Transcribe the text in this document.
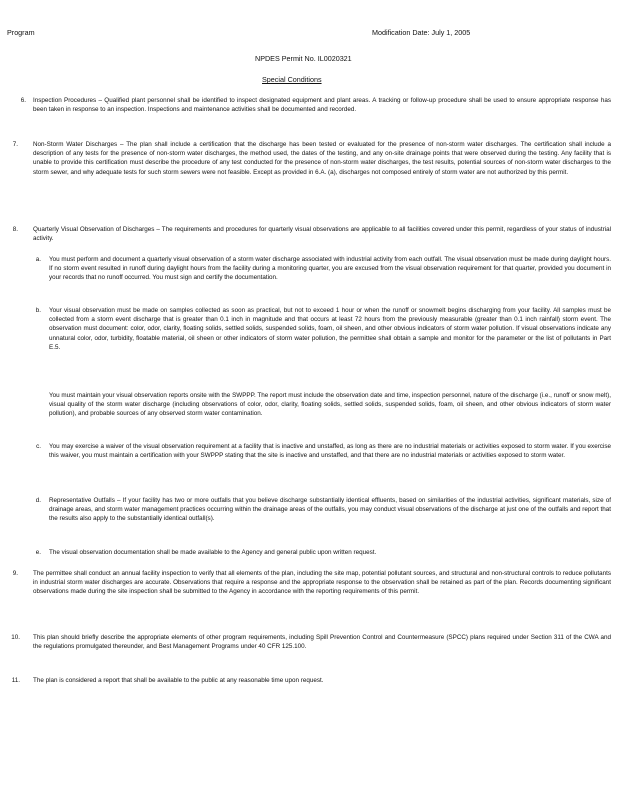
Program	Modification Date: July 1, 2005
NPDES Permit No. IL0020321
Special Conditions
6. Inspection Procedures – Qualified plant personnel shall be identified to inspect designated equipment and plant areas. A tracking or follow-up procedure shall be used to ensure appropriate response has been taken in response to an inspection. Inspections and maintenance activities shall be documented and recorded.
7. Non-Storm Water Discharges – The plan shall include a certification that the discharge has been tested or evaluated for the presence of non-storm water discharges. The certification shall include a description of any tests for the presence of non-storm water discharges, the method used, the dates of the testing, and any on-site drainage points that were observed during the testing. Any facility that is unable to provide this certification must describe the procedure of any test conducted for the presence of non-storm water discharges, the test results, potential sources of non-storm water discharges to the storm sewer, and why adequate tests for such storm sewers were not feasible. Except as provided in 6.A. (a), discharges not composed entirely of storm water are not authorized by this permit.
8. Quarterly Visual Observation of Discharges – The requirements and procedures for quarterly visual observations are applicable to all facilities covered under this permit, regardless of your status of industrial activity.
a. You must perform and document a quarterly visual observation of a storm water discharge associated with industrial activity from each outfall. The visual observation must be made during daylight hours. If no storm event resulted in runoff during daylight hours from the facility during a monitoring quarter, you are excused from the visual observation requirement for that quarter, provided you document in your records that no runoff occurred. You must sign and certify the documentation.
b. Your visual observation must be made on samples collected as soon as practical, but not to exceed 1 hour or when the runoff or snowmelt begins discharging from your facility. All samples must be collected from a storm event discharge that is greater than 0.1 inch in magnitude and that occurs at least 72 hours from the previously measurable (greater than 0.1 inch rainfall) storm event. The observation must document: color, odor, clarity, floating solids, settled solids, suspended solids, foam, oil sheen, and other obvious indicators of storm water pollution. If visual observations indicate any unnatural color, odor, turbidity, floatable material, oil sheen or other indicators of storm water pollution, the permittee shall obtain a sample and monitor for the parameter or the list of pollutants in Part E.5.
You must maintain your visual observation reports onsite with the SWPPP. The report must include the observation date and time, inspection personnel, nature of the discharge (i.e., runoff or snow melt), visual quality of the storm water discharge (including observations of color, odor, clarity, floating solids, settled solids, suspended solids, foam, oil sheen, and other obvious indicators of storm water pollution), and probable sources of any observed storm water contamination.
c. You may exercise a waiver of the visual observation requirement at a facility that is inactive and unstaffed, as long as there are no industrial materials or activities exposed to storm water. If you exercise this waiver, you must maintain a certification with your SWPPP stating that the site is inactive and unstaffed, and that there are no industrial materials or activities exposed to storm water.
d. Representative Outfalls – If your facility has two or more outfalls that you believe discharge substantially identical effluents, based on similarities of the industrial activities, significant materials, size of drainage areas, and storm water management practices occurring within the drainage areas of the outfalls, you may conduct visual observations of the discharge at just one of the outfalls and report that the results also apply to the substantially identical outfall(s).
e. The visual observation documentation shall be made available to the Agency and general public upon written request.
9. The permittee shall conduct an annual facility inspection to verify that all elements of the plan, including the site map, potential pollutant sources, and structural and non-structural controls to reduce pollutants in industrial storm water discharges are accurate. Observations that require a response and the appropriate response to the observation shall be retained as part of the plan. Records documenting significant observations made during the site inspection shall be submitted to the Agency in accordance with the reporting requirements of this permit.
10. This plan should briefly describe the appropriate elements of other program requirements, including Spill Prevention Control and Countermeasure (SPCC) plans required under Section 311 of the CWA and the regulations promulgated thereunder, and Best Management Programs under 40 CFR 125.100.
11. The plan is considered a report that shall be available to the public at any reasonable time upon request.
